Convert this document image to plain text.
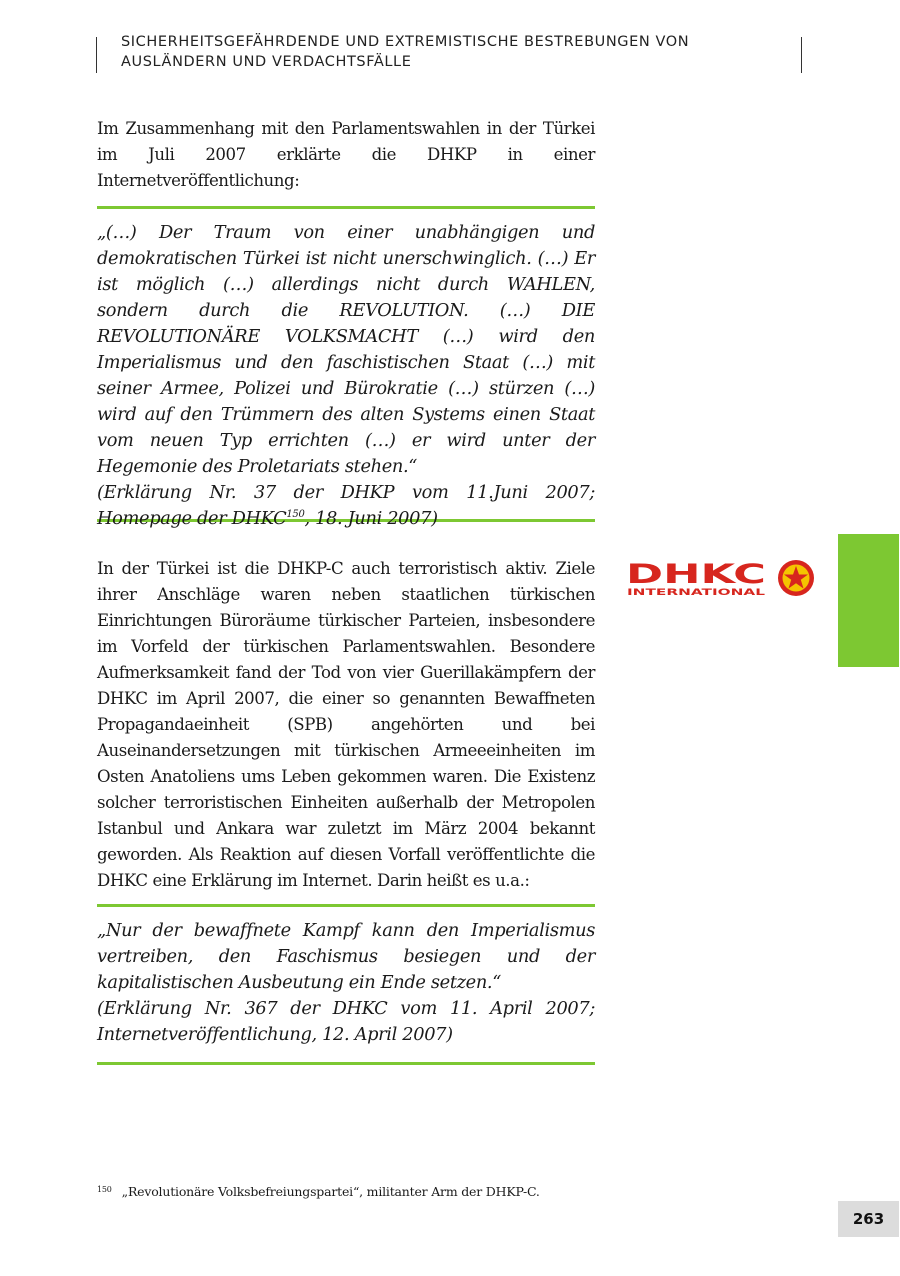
SICHERHEITSGEFÄHRDENDE UND EXTREMISTISCHE BESTREBUNGEN VON
AUSLÄNDERN UND VERDACHTSFÄLLE

Im Zusammenhang mit den Parlamentswahlen in der Türkei im Juli 2007 erklärte die DHKP in einer Internetveröffentlichung:

„(…) Der Traum von einer unabhängigen und demokratischen Türkei ist nicht unerschwinglich. (…) Er ist möglich (…) allerdings nicht durch WAHLEN, sondern durch die REVOLUTION. (…) DIE REVOLUTIONÄRE VOLKSMACHT (…) wird den Imperialismus und den faschistischen Staat (…) mit seiner Armee, Polizei und Bürokratie (…) stürzen (…) wird auf den Trümmern des alten Systems einen Staat vom neuen Typ errichten (…) er wird unter der Hegemonie des Proletariats stehen.“

(Erklärung Nr. 37 der DHKP vom 11.Juni 2007; Homepage der DHKC$^{150}$, 18. Juni 2007)

In der Türkei ist die DHKP-C auch terroristisch aktiv. Ziele ihrer Anschläge waren neben staatlichen türkischen Einrichtungen Büroräume türkischer Parteien, insbesondere im Vorfeld der türkischen Parlamentswahlen. Besondere Aufmerksamkeit fand der Tod von vier Guerillakämpfern der DHKC im April 2007, die einer so genannten Bewaffneten Propagandaeinheit (SPB) angehörten und bei Auseinandersetzungen mit türkischen Armeeeinheiten im Osten Anatoliens ums Leben gekommen waren. Die Existenz solcher terroristischen Einheiten außerhalb der Metropolen Istanbul und Ankara war zuletzt im März 2004 bekannt geworden. Als Reaktion auf diesen Vorfall veröffentlichte die DHKC eine Erklärung im Internet. Darin heißt es u.a.:

„Nur der bewaffnete Kampf kann den Imperialismus vertreiben, den Faschismus besiegen und der kapitalistischen Ausbeutung ein Ende setzen.“

(Erklärung Nr. 367 der DHKC vom 11. April 2007; Internetveröffentlichung, 12. April 2007)

DHKC
INTERNATIONAL
$^{150}$ „Revolutionäre Volksbefreiungspartei“, militanter Arm der DHKP-C.
263
